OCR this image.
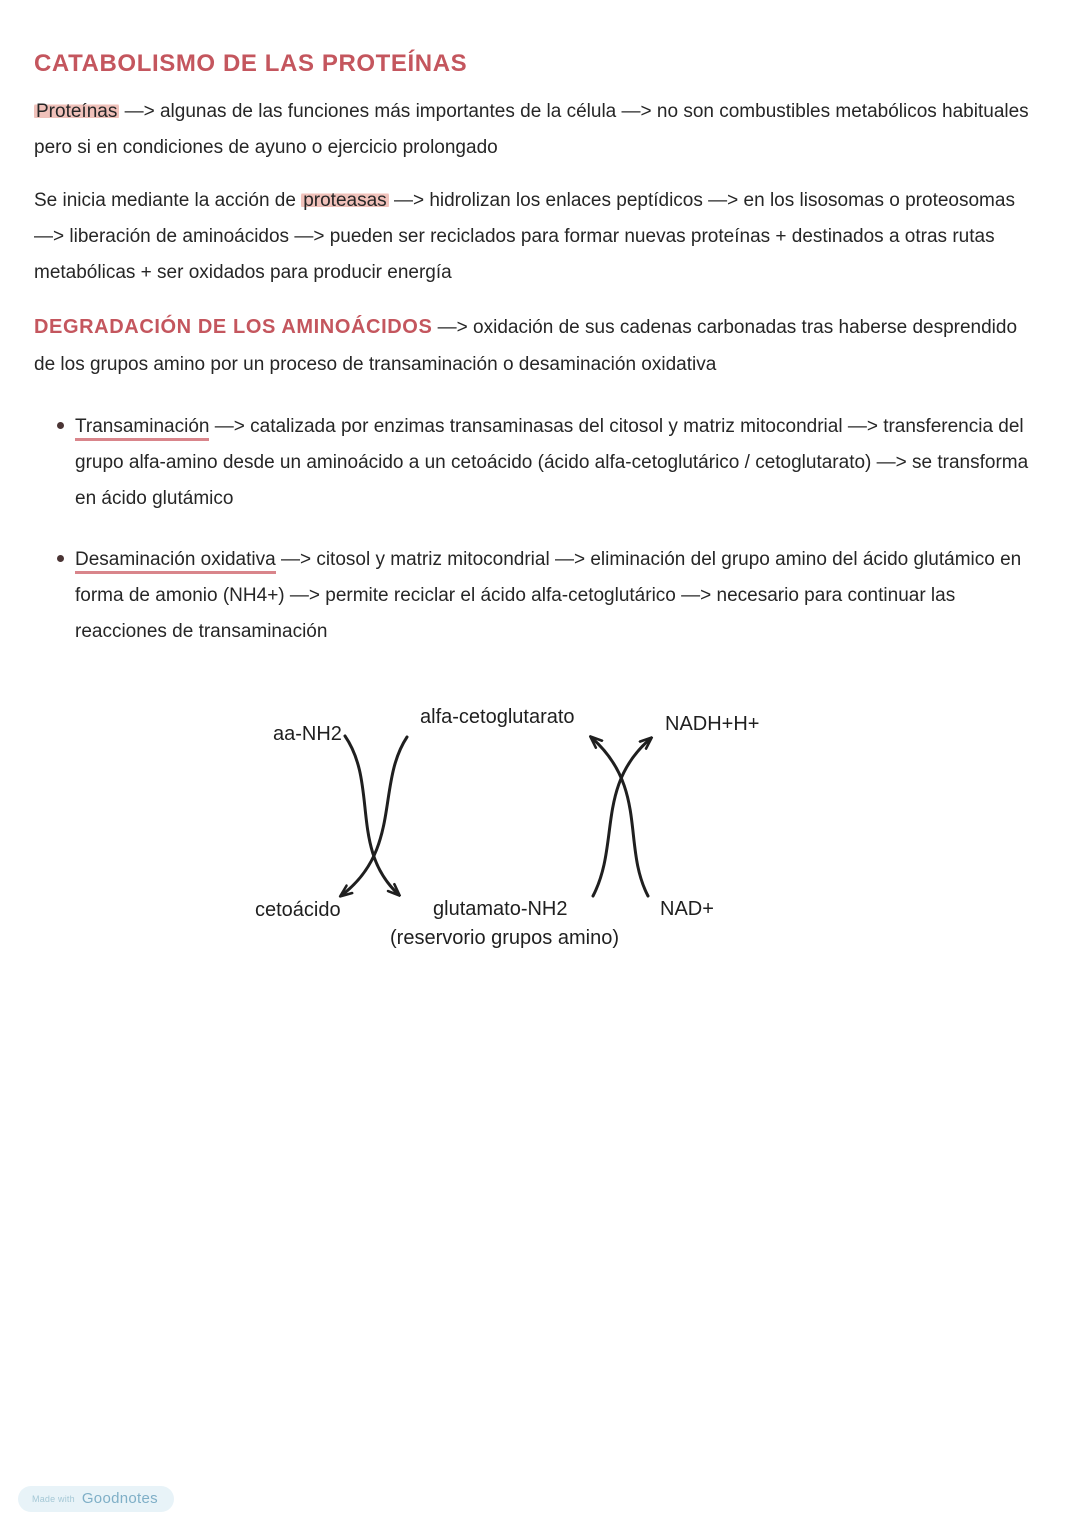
CATABOLISMO DE LAS PROTEÍNAS

Proteínas —> algunas de las funciones más importantes de la célula —> no son combustibles metabólicos habituales pero si en condiciones de ayuno o ejercicio prolongado

Se inicia mediante la acción de proteasas —> hidrolizan los enlaces peptídicos —> en los lisosomas o proteosomas —> liberación de aminoácidos —> pueden ser reciclados para formar nuevas proteínas + destinados a otras rutas metabólicas + ser oxidados para producir energía

DEGRADACIÓN DE LOS AMINOÁCIDOS —> oxidación de sus cadenas carbonadas tras haberse desprendido de los grupos amino por un proceso de transaminación o desaminación oxidativa

Transaminación —> catalizada por enzimas transaminasas del citosol y matriz mitocondrial —> transferencia del grupo alfa-amino desde un aminoácido a un cetoácido (ácido alfa-cetoglutárico / cetoglutarato) —> se transforma en ácido glutámico
Desaminación oxidativa —> citosol y matriz mitocondrial —> eliminación del grupo amino del ácido glutámico en forma de amonio (NH4+) —> permite reciclar el ácido alfa-cetoglutárico —> necesario para continuar las reacciones de transaminación
aa-NH2
alfa-cetoglutarato	NADH+H+
cetoácido	glutamato-NH2
(reservorio grupos amino)
NAD+
Made with Goodnotes
